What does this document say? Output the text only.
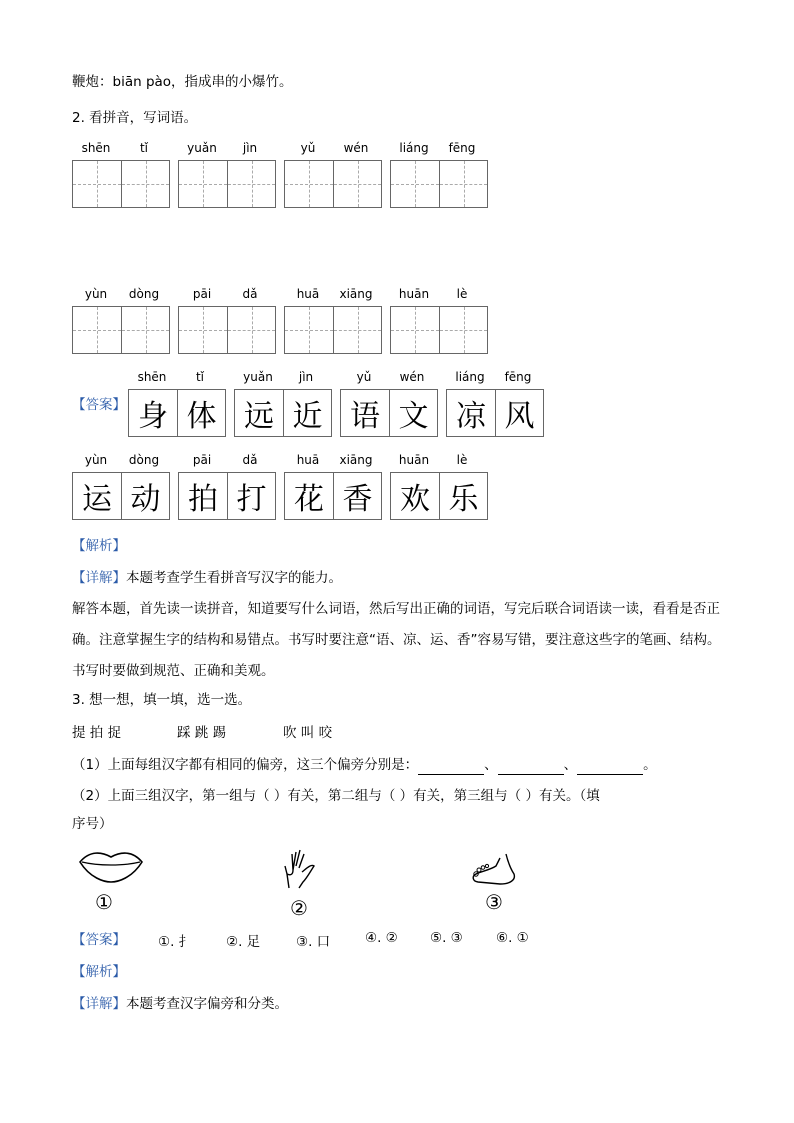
鞭炮：biān pào，指成串的小爆竹。
2. 看拼音，写词语。
shēn	tǐ	yuǎn	jìn	yǔ	wén	liáng	fēng
yùn	dòng	pāi	dǎ	huā	xiāng	huān	lè
【答案】
shēn	tǐ
身 体
yuǎn	jìn
远 近
yǔ	wén
语 文
liáng	fēng
凉 风
yùn	dòng
运 动
pāi	dǎ
拍 打
huā	xiāng
花 香
huān	lè
欢 乐
【解析】
【详解】本题考查学生看拼音写汉字的能力。
解答本题，首先读一读拼音，知道要写什么词语，然后写出正确的词语，写完后联合词语读一读，看看是否正确。注意掌握生字的结构和易错点。书写时要注意“语、凉、运、香”容易写错，要注意这些字的笔画、结构。书写时要做到规范、正确和美观。
3. 想一想，填一填，选一选。
提 拍 捉	踩 跳 踢	吹 叫 咬
（1）上面每组汉字都有相同的偏旁，这三个偏旁分别是：	、	、	。
（2）上面三组汉字，第一组与（ ）有关，第二组与（ ）有关，第三组与（ ）有关。（填
序号）
①	②	③
【答案】 ①. 扌	②. 足	③. 口	④. ② ⑤. ③ ⑥. ①
【解析】
【详解】本题考查汉字偏旁和分类。
